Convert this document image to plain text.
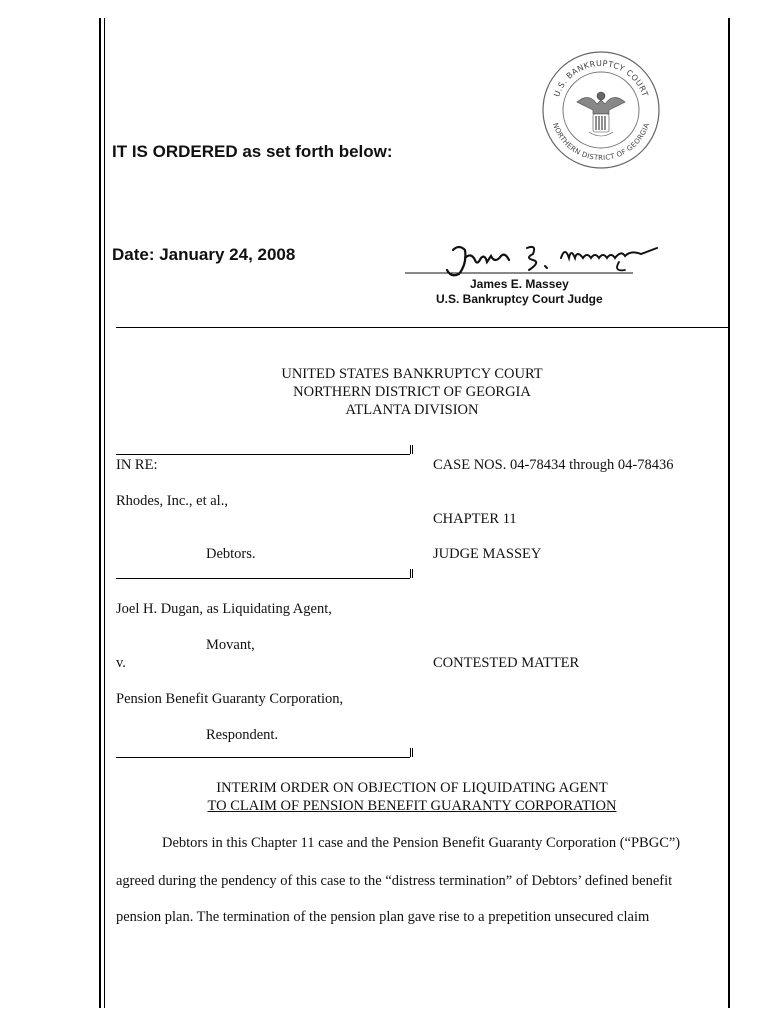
IT IS ORDERED as set forth below:
Date: January 24, 2008
U.S. BANKRUPTCY COURT
NORTHERN DISTRICT OF GEORGIA
James E. Massey
U.S. Bankruptcy Court Judge
UNITED STATES BANKRUPTCY COURT
NORTHERN DISTRICT OF GEORGIA
ATLANTA DIVISION
IN RE:	CASE NOS. 04-78434 through 04-78436
Rhodes, Inc., et al.,
CHAPTER 11
Debtors.	JUDGE MASSEY
Joel H. Dugan, as Liquidating Agent,
Movant,
v.	CONTESTED MATTER
Pension Benefit Guaranty Corporation,
Respondent.
INTERIM ORDER ON OBJECTION OF LIQUIDATING AGENT
TO CLAIM OF PENSION BENEFIT GUARANTY CORPORATION
Debtors in this Chapter 11 case and the Pension Benefit Guaranty Corporation (“PBGC”)
agreed during the pendency of this case to the “distress termination” of Debtors’ defined benefit
pension plan. The termination of the pension plan gave rise to a prepetition unsecured claim
